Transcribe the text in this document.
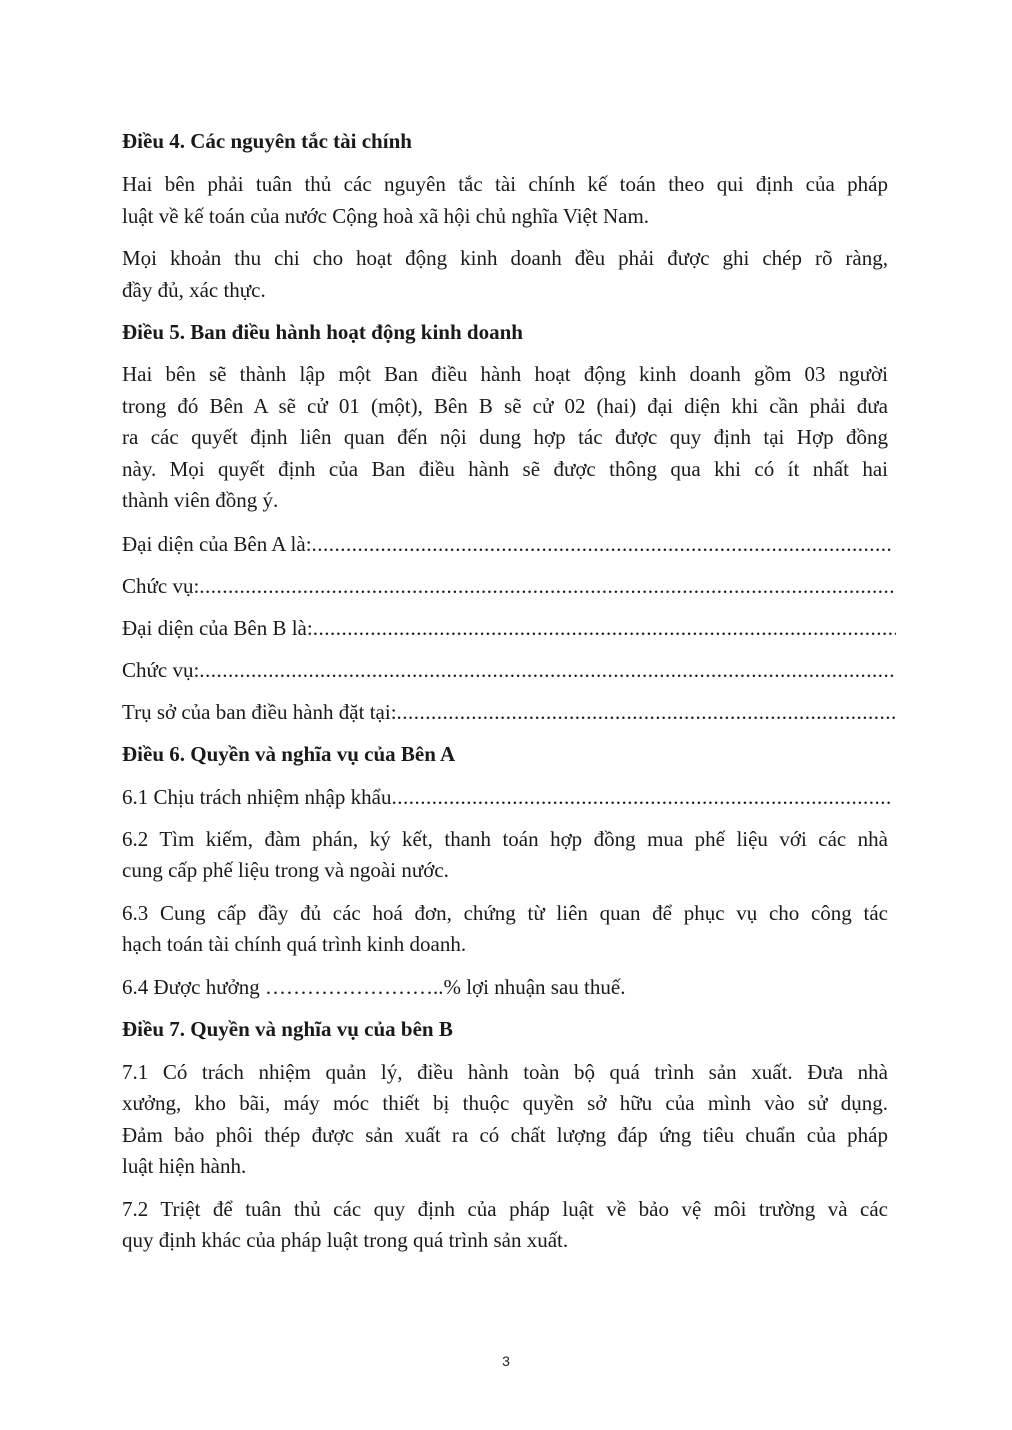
Điều 4. Các nguyên tắc tài chính
Hai bên phải tuân thủ các nguyên tắc tài chính kế toán theo qui định của pháp
luật về kế toán của nước Cộng hoà xã hội chủ nghĩa Việt Nam.
Mọi khoản thu chi cho hoạt động kinh doanh đều phải được ghi chép rõ ràng,
đầy đủ, xác thực.
Điều 5. Ban điều hành hoạt động kinh doanh
Hai bên sẽ thành lập một Ban điều hành hoạt động kinh doanh gồm 03 người
trong đó Bên A sẽ cử 01 (một), Bên B sẽ cử 02 (hai) đại diện khi cần phải đưa
ra các quyết định liên quan đến nội dung hợp tác được quy định tại Hợp đồng
này. Mọi quyết định của Ban điều hành sẽ được thông qua khi có ít nhất hai
thành viên đồng ý.
Đại diện của Bên A là:
.....
Chức vụ:
.....
Đại diện của Bên B là:
.....
Chức vụ:
.....
Trụ sở của ban điều hành đặt tại:
.....
Điều 6. Quyền và nghĩa vụ của Bên A
6.1 Chịu trách nhiệm nhập khẩu
.....
6.2 Tìm kiếm, đàm phán, ký kết, thanh toán hợp đồng mua phế liệu với các nhà
cung cấp phế liệu trong và ngoài nước.
6.3 Cung cấp đầy đủ các hoá đơn, chứng từ liên quan để phục vụ cho công tác
hạch toán tài chính quá trình kinh doanh.
6.4 Được hưởng ……………………..% lợi nhuận sau thuế.
Điều 7. Quyền và nghĩa vụ của bên B
7.1 Có trách nhiệm quản lý, điều hành toàn bộ quá trình sản xuất. Đưa nhà
xưởng, kho bãi, máy móc thiết bị thuộc quyền sở hữu của mình vào sử dụng.
Đảm bảo phôi thép được sản xuất ra có chất lượng đáp ứng tiêu chuẩn của pháp
luật hiện hành.
7.2 Triệt để tuân thủ các quy định của pháp luật về bảo vệ môi trường và các
quy định khác của pháp luật trong quá trình sản xuất.
3
